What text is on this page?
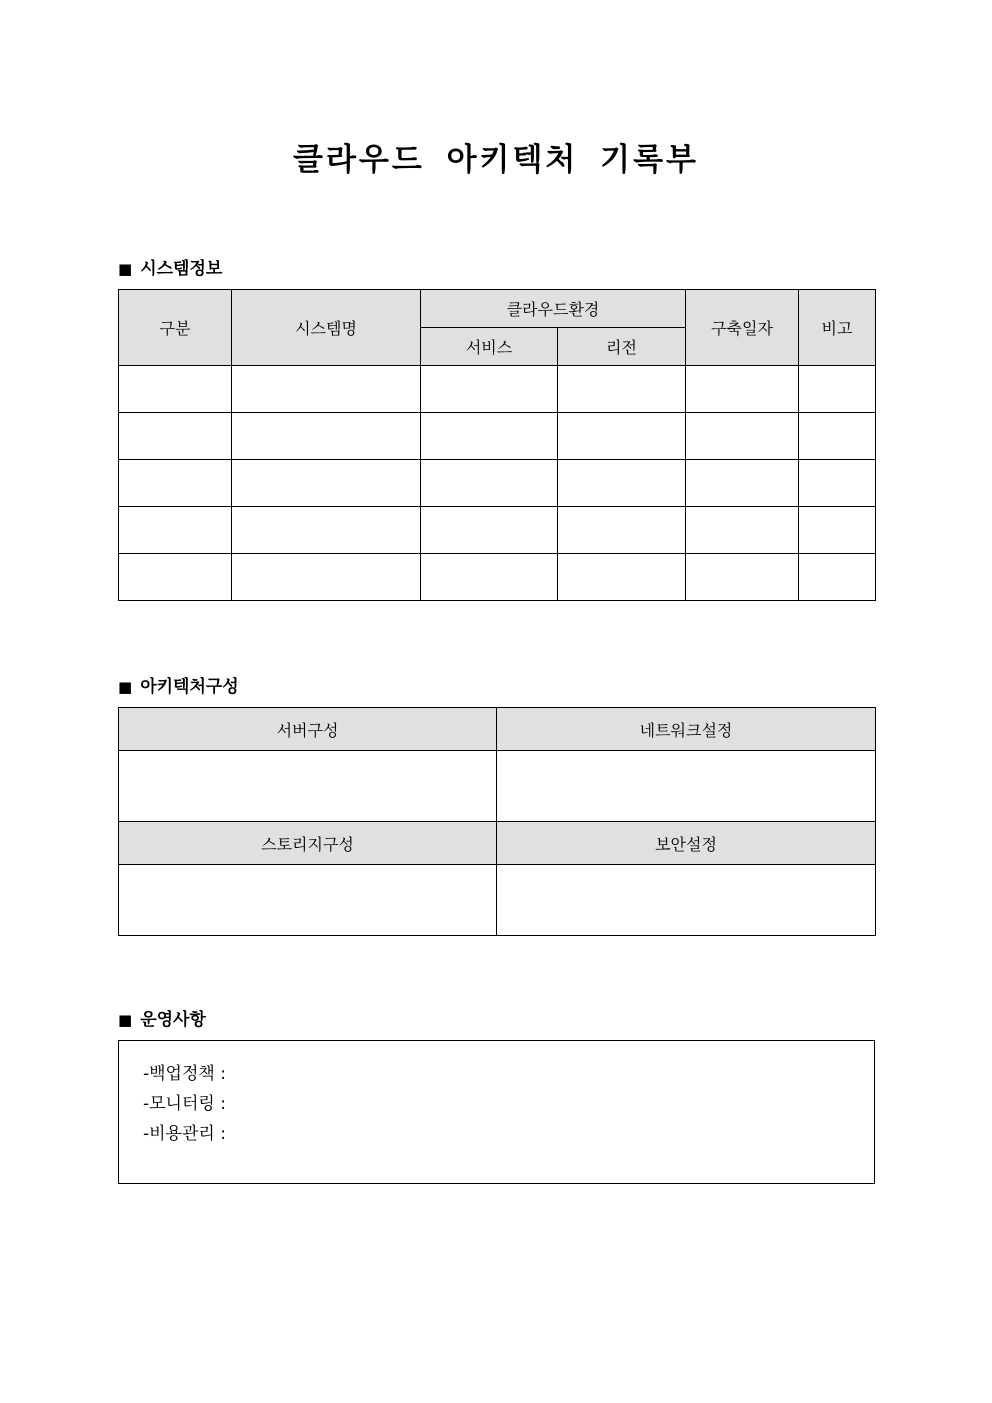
클라우드 아키텍처 기록부
■ 시스템정보
구분	시스템명	클라우드환경		구축일자	비고
		서비스	리전		

■ 아키텍처구성
서버구성	네트워크설정

스토리지구성	보안설정

■ 운영사항
-백업정책 :
-모니터링 :
-비용관리 :
